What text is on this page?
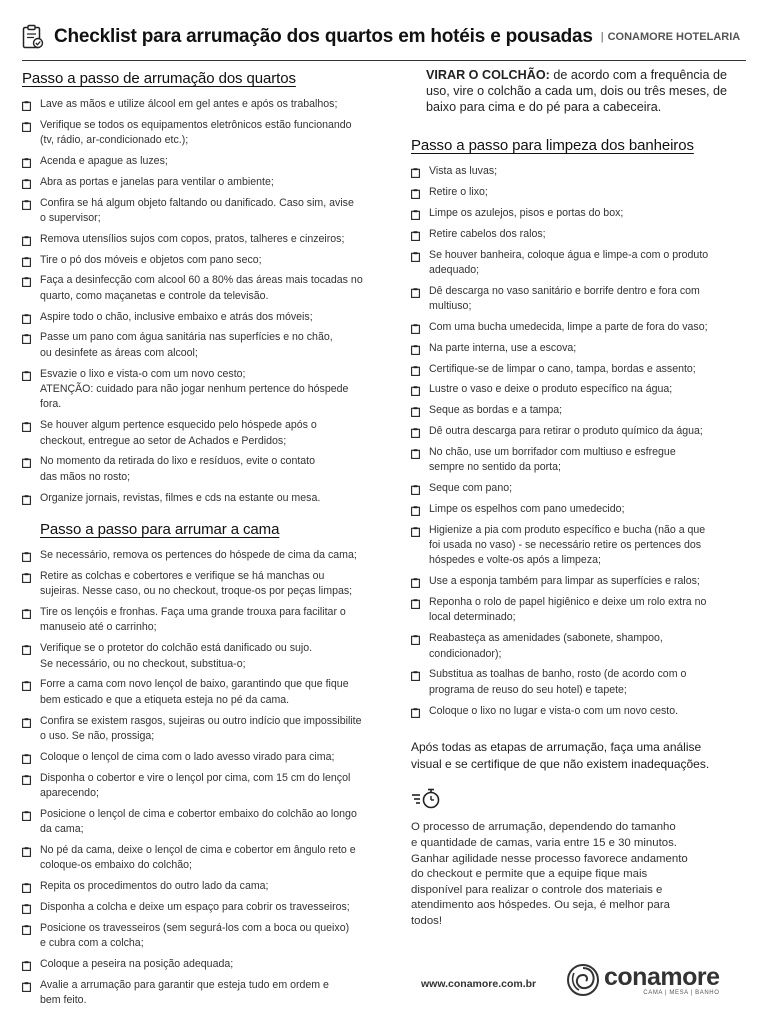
Checklist para arrumação dos quartos em hotéis e pousadas | CONAMORE HOTELARIA
Passo a passo de arrumação dos quartos
Lave as mãos e utilize álcool em gel antes e após os trabalhos;
Verifique se todos os equipamentos eletrônicos estão funcionando
(tv, rádio, ar-condicionado etc.);
Acenda e apague as luzes;
Abra as portas e janelas para ventilar o ambiente;
Confira se há algum objeto faltando ou danificado. Caso sim, avise
o supervisor;
Remova utensílios sujos com copos, pratos, talheres e cinzeiros;
Tire o pó dos móveis e objetos com pano seco;
Faça a desinfecção com alcool 60 a 80% das áreas mais tocadas no
quarto, como maçanetas e controle da televisão.
Aspire todo o chão, inclusive embaixo e atrás dos móveis;
Passe um pano com água sanitária nas superfícies e no chão,
ou desinfete as áreas com alcool;
Esvazie o lixo e vista-o com um novo cesto;
ATENÇÃO: cuidado para não jogar nenhum pertence do hóspede
fora.
Se houver algum pertence esquecido pelo hóspede após o
checkout, entregue ao setor de Achados e Perdidos;
No momento da retirada do lixo e resíduos, evite o contato
das mãos no rosto;
Organize jornais, revistas, filmes e cds na estante ou mesa.
Passo a passo para arrumar a cama
Se necessário, remova os pertences do hóspede de cima da cama;
Retire as colchas e cobertores e verifique se há manchas ou
sujeiras. Nesse caso, ou no checkout, troque-os por peças limpas;
Tire os lençóis e fronhas. Faça uma grande trouxa para facilitar o
manuseio até o carrinho;
Verifique se o protetor do colchão está danificado ou sujo.
Se necessário, ou no checkout, substitua-o;
Forre a cama com novo lençol de baixo, garantindo que que fique
bem esticado e que a etiqueta esteja no pé da cama.
Confira se existem rasgos, sujeiras ou outro indício que impossibilite
o uso. Se não, prossiga;
Coloque o lençol de cima com o lado avesso virado para cima;
Disponha o cobertor e vire o lençol por cima, com 15 cm do lençol
aparecendo;
Posicione o lençol de cima e cobertor embaixo do colchão ao longo
da cama;
No pé da cama, deixe o lençol de cima e cobertor em ângulo reto e
coloque-os embaixo do colchão;
Repita os procedimentos do outro lado da cama;
Disponha a colcha e deixe um espaço para cobrir os travesseiros;
Posicione os travesseiros (sem segurá-los com a boca ou queixo)
e cubra com a colcha;
Coloque a peseira na posição adequada;
Avalie a arrumação para garantir que esteja tudo em ordem e
bem feito.

VIRAR O COLCHÃO: de acordo com a frequência de uso, vire o colchão a cada um, dois ou três meses, de baixo para cima e do pé para a cabeceira.

Passo a passo para limpeza dos banheiros
Vista as luvas;
Retire o lixo;
Limpe os azulejos, pisos e portas do box;
Retire cabelos dos ralos;
Se houver banheira, coloque água e limpe-a com o produto
adequado;
Dê descarga no vaso sanitário e borrife dentro e fora com
multiuso;
Com uma bucha umedecida, limpe a parte de fora do vaso;
Na parte interna, use a escova;
Certifique-se de limpar o cano, tampa, bordas e assento;
Lustre o vaso e deixe o produto específico na água;
Seque as bordas e a tampa;
Dê outra descarga para retirar o produto químico da água;
No chão, use um borrifador com multiuso e esfregue
sempre no sentido da porta;
Seque com pano;
Limpe os espelhos com pano umedecido;
Higienize a pia com produto específico e bucha (não a que
foi usada no vaso) - se necessário retire os pertences dos
hóspedes e volte-os após a limpeza;
Use a esponja também para limpar as superfícies e ralos;
Reponha o rolo de papel higiênico e deixe um rolo extra no
local determinado;
Reabasteça as amenidades (sabonete, shampoo,
condicionador);
Substitua as toalhas de banho, rosto (de acordo com o
programa de reuso do seu hotel) e tapete;
Coloque o lixo no lugar e vista-o com um novo cesto.

Após todas as etapas de arrumação, faça uma análise
visual e se certifique de que não existem inadequações.

O processo de arrumação, dependendo do tamanho
e quantidade de camas, varia entre 15 e 30 minutos.
Ganhar agilidade nesse processo favorece andamento
do checkout e permite que a equipe fique mais
disponível para realizar o controle dos materiais e
atendimento aos hóspedes. Ou seja, é melhor para
todos!

www.conamore.com.br	conamore
CAMA | MESA | BANHO
